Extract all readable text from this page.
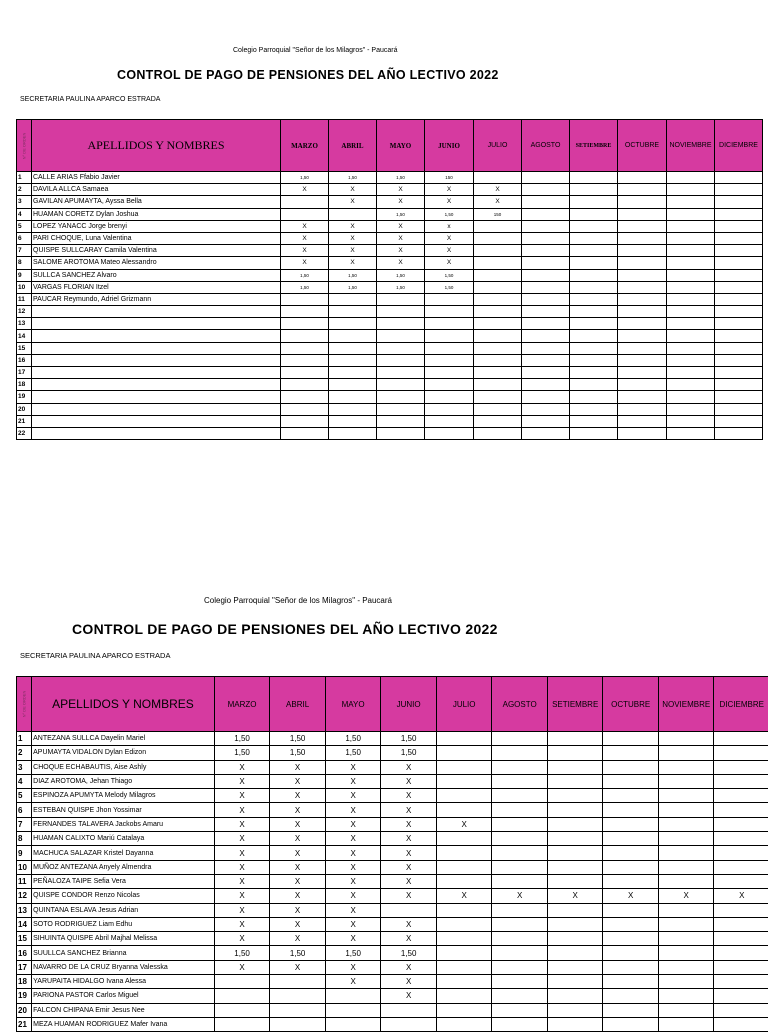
Colegio Parroquial "Señor de los Milagros" - Paucará
CONTROL DE PAGO DE PENSIONES DEL AÑO LECTIVO 2022
SECRETARIA PAULINA APARCO ESTRADA
N° DE ORDEN	APELLIDOS Y NOMBRES	MARZO	ABRIL	MAYO	JUNIO	JULIO	AGOSTO	SETIEMBRE	OCTUBRE	NOVIEMBRE	DICIEMBRE
1	CALLE ARIAS Ffabio Javier	1,50	1,50	1,50	150						
2	DAVILA ALLCA Samaea	X	X	X	X	X					
3	GAVILAN APUMAYTA, Ayssa Bella		X	X	X	X					
4	HUAMAN CORETZ Dylan Joshua			1,50	1,50	150					
5	LOPEZ YANACC Jorge brenyi	X	X	X	x						
6	PARI CHOQUE, Luna Valentina	X	X	X	X						
7	QUISPE SULLCARAY Camila Valentina	X	X	X	X						
8	SALOME AROTOMA Mateo Alessandro	X	X	X	X						
9	SULLCA SANCHEZ Alvaro	1,50	1,50	1,50	1,50						
10	VARGAS FLORIAN Itzel	1,50	1,50	1,50	1,50						
11	PAUCAR Reymundo, Adriel Grizmann										
12											
13											
14											
15											
16											
17											
18											
19											
20											
21											
22											
Colegio Parroquial "Señor de los Milagros" - Paucará
CONTROL DE PAGO DE PENSIONES DEL AÑO LECTIVO 2022
SECRETARIA PAULINA APARCO ESTRADA
N° DE ORDEN	APELLIDOS Y NOMBRES	MARZO	ABRIL	MAYO	JUNIO	JULIO	AGOSTO	SETIEMBRE	OCTUBRE	NOVIEMBRE	DICIEMBRE
1	ANTEZANA SULLCA Dayelin Mariel	1,50	1,50	1,50	1,50						
2	APUMAYTA VIDALON Dylan Edizon	1,50	1,50	1,50	1,50						
3	CHOQUE ECHABAUTIS, Aise Ashly	X	X	X	X						
4	DIAZ AROTOMA, Jehan Thiago	X	X	X	X						
5	ESPINOZA APUMYTA Melody Milagros	X	X	X	X						
6	ESTEBAN QUISPE Jhon Yossimar	X	X	X	X						
7	FERNANDES TALAVERA Jackobs Amaru	X	X	X	X	X					
8	HUAMAN CALIXTO Mariú Catalaya	X	X	X	X						
9	MACHUCA SALAZAR Kristel Dayanna	X	X	X	X						
10	MUÑOZ ANTEZANA Anyely Almendra	X	X	X	X						
11	PEÑALOZA TAIPE Sefia Vera	X	X	X	X						
12	QUISPE CONDOR Renzo Nicolas	X	X	X	X	X	X	X	X	X	X
13	QUINTANA ESLAVA Jesus Adrian	X	X	X							
14	SOTO RODRIGUEZ Liam Edhu	X	X	X	X						
15	SIHUINTA QUISPE Abril Majhal Melissa	X	X	X	X						
16	SUULLCA SANCHEZ Brianna	1,50	1,50	1,50	1,50						
17	NAVARRO DE LA CRUZ Bryanna Valesska	X	X	X	X						
18	YARUPAITA HIDALGO Ivana Alessa			X	X						
19	PARIONA PASTOR Carlos Miguel				X						
20	FALCON CHIPANA Emir Jesus Nee										
21	MEZA HUAMAN RODRIGUEZ Mafer Ivana										
